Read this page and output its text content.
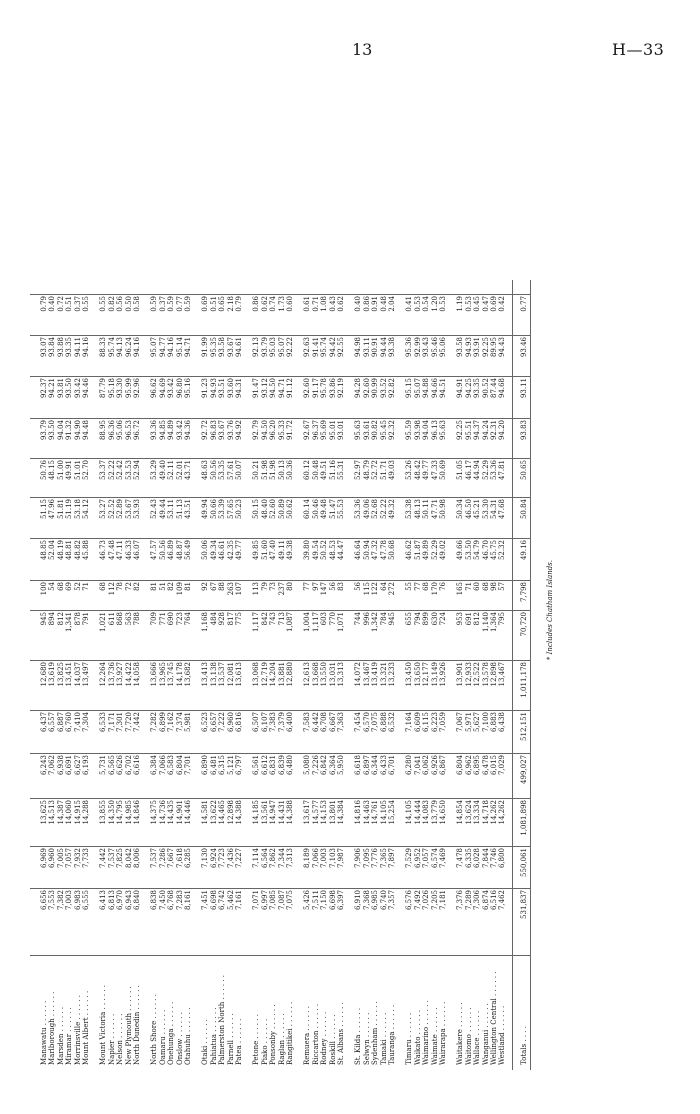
13	H—33
Manawatu . . . . . .
6,656
6,969
13,625
6,243
6,437
12,680
945
100
48.85
51.15
50.76
93.79
92.37
93.07
0.79
Marlborough . . . . . .
7,553
6,960
14,513
7,062
6,557
13,619
894
54
52.04
47.96
48.15
93.50
94.21
93.84
0.40
Marsden . . . . . .
7,382
7,005
14,387
6,938
6,887
13,825
812
68
48.19
51.81
51.00
94.04
93.81
93.88
0.72
Miramar . . . . . .
7,003
7,057
14,060
6,691
6,760
13,451
1,341
69
48.81
51.19
49.91
91.32
93.50
93.35
0.51
Morrinsville . . . . . .
6,983
7,932
14,915
6,627
7,410
14,037
878
52
48.82
53.18
51.01
94.90
93.42
94.11
0.37
Mount Albert . . . . . .
6,555
7,733
14,288
6,193
7,304
13,497
791
71
45.88
54.12
52.70
94.48
94.46
94.16
0.55
Mount Victoria . . . . . .
6,413
7,442
13,855
5,731
6,533
12,264
1,021
68
46.73
53.27
53.37
88.95
87.79
88.33
0.55
Napier . . . . . .
6,813
7,537
14,350
6,565
7,171
13,736
611
112
47.48
52.52
52.22
96.36
95.18
95.74
0.82
Nelson . . . . . .
6,970
7,825
14,795
6,626
7,301
13,927
868
78
47.11
52.89
52.42
95.06
93.30
94.13
0.56
New Plymouth . . . . . .
6,943
8,042
14,985
6,702
7,720
14,422
563
72
46.33
53.67
53.53
96.53
95.99
96.24
0.50
North Dunedin . . . . . .
6,840
8,006
14,846
6,616
7,442
14,058
788
82
46.07
53.93
52.94
96.72
92.96
94.16
0.58
North Shore . . . . . .
6,838
7,537
14,375
6,384
7,282
13,666
709
81
47.57
52.43
53.29
93.36
96.62
95.07
0.59
Oamaru . . . . . .
7,450
7,286
14,736
7,066
6,899
13,965
771
51
50.56
49.44
49.40
94.85
94.69
94.77
0.37
Onehunga . . . . . .
6,768
7,667
14,435
6,583
7,162
13,745
690
82
46.89
53.11
52.11
94.89
93.42
94.16
0.59
Onslow . . . . . .
7,283
7,618
14,901
6,804
7,374
14,178
723
109
48.87
51.13
52.01
93.42
96.80
95.14
0.77
Otahuhu . . . . . .
8,161
6,285
14,446
7,701
5,981
13,682
764
81
56.49
43.51
43.71
94.36
95.16
94.71
0.59
Otaki . . . . . .
7,451
7,130
14,581
6,890
6,523
13,413
1,168
92
50.06
49.94
48.63
92.72
91.23
91.99
0.69
Pahiatua . . . . . .
6,698
6,924
13,622
6,481
6,657
13,138
484
67
49.34
50.66
50.56
96.83
94.93
95.35
0.51
Palmerston North . . . . . .
6,742
7,723
14,465
6,315
7,222
13,537
928
88
46.61
53.39
53.35
93.67
93.51
93.58
0.65
Parnell . . . . . .
5,462
7,436
12,898
5,121
6,960
12,081
817
263
42.35
57.65
57.61
93.76
93.60
93.67
2.18
Patea . . . . . .
7,161
7,227
14,388
6,797
6,816
13,613
775
107
49.77
50.23
50.07
94.92
94.31
94.61
0.79
Petone . . . . . .
7,071
7,114
14,185
6,561
6,507
13,068
1,117
113
49.85
50.15
50.21
92.79
91.47
92.13
0.86
Piako . . . . . .
6,997
6,564
13,561
6,612
6,107
12,719
842
79
51.60
48.40
51.98
94.50
93.12
93.79
0.62
Ponsonby . . . . . .
7,085
7,862
14,947
6,831
7,383
14,204
743
73
47.40
52.60
51.98
96.20
94.50
95.03
0.74
Raglan . . . . . .
7,087
7,344
14,431
6,839
7,379
13,881
713
237
49.11
50.89
50.13
95.33
94.71
95.07
1.73
Rangitikei . . . . . .
7,075
7,313
14,388
6,480
6,400
12,880
1,087
80
49.38
50.62
50.36
91.72
91.12
92.22
0.60
Remuera . . . . . .
5,426
8,189
13,617
5,080
7,583
12,613
1,004
77
39.80
60.14
60.12
92.67
92.60
92.63
0.61
Riccarton . . . . . .
7,511
7,066
14,577
7,226
6,442
13,668
1,117
97
49.54
50.46
50.48
96.37
91.17
91.41
0.71
Rodney . . . . . .
7,150
7,003
14,153
6,842
6,708
13,550
603
147
50.52
49.48
49.51
95.69
95.78
95.74
1.08
Roskill . . . . . .
6,698
7,103
13,801
6,364
6,667
13,031
770
56
48.53
51.47
51.16
95.01
93.86
94.42
0.43
St. Albans . . . . . .
6,397
7,987
14,384
5,950
7,363
13,313
1,071
83
44.47
55.53
55.31
93.01
92.19
92.55
0.62
St. Kilda . . . . . .
6,910
7,906
14,816
6,618
7,454
14,072
744
56
46.64
53.36
52.97
95.63
94.28
94.98
0.40
Selwyn . . . . . .
7,368
7,095
14,463
6,897
6,570
13,467
996
115
50.94
49.06
48.79
93.61
92.60
93.11
0.86
Sydenham . . . . . .
6,985
7,776
14,761
6,344
7,075
13,419
1,342
122
47.32
52.68
52.72
90.82
90.99
90.91
0.91
Tamaki . . . . . .
6,740
7,365
14,105
6,433
6,888
13,321
784
64
47.78
52.22
51.71
95.45
93.52
94.44
0.48
Tauranga . . . . . .
7,357
7,897
15,254
6,701
6,532
13,233
945
272
50.68
49.32
49.03
92.32
92.82
93.38
2.04
Timaru . . . . . .
6,576
7,529
14,105
6,280
7,164
13,450
655
55
46.62
53.38
53.26
95.59
95.15
95.36
0.41
Waikato . . . . . .
7,492
6,952
14,444
7,041
6,609
13,650
794
77
51.87
48.13
48.42
93.98
95.07
92.99
0.53
Waimarino . . . . . .
7,026
7,057
14,083
6,062
6,115
12,177
899
68
49.89
50.11
49.77
94.04
94.88
93.43
0.54
Waimate . . . . . .
7,205
6,574
13,779
6,926
6,223
13,149
630
170
52.29
47.71
47.33
96.13
94.66
95.46
1.20
Wairarapa . . . . . .
7,181
7,469
14,650
6,867
7,059
13,926
724
76
49.02
50.98
50.69
95.63
94.51
95.06
0.53
Waitakere . . . . . .
7,376
7,478
14,854
6,804
7,067
13,901
953
165
49.66
50.34
51.05
92.25
94.91
93.58
1.19
Waitomo . . . . . .
7,289
6,335
13,624
6,962
5,971
12,933
691
71
53.50
46.50
46.17
95.51
94.25
94.93
0.53
Wallace . . . . . .
7,306
6,028
13,334
6,895
5,627
12,522
812
60
54.79
45.21
44.94
94.37
93.35
93.91
0.45
Wanganui . . . . . .
6,874
7,844
14,718
6,478
7,100
13,578
1,140
68
46.70
53.30
52.29
94.24
90.52
92.25
0.47
Wellington Central . . . . . .
6,516
7,746
14,262
6,015
6,883
12,898
1,364
98
45.75
54.31
53.36
92.31
87.44
89.95
0.69
Westland . . . . . .
7,462
6,800
14,262
7,029
6,438
13,467
795
57
52.32
47.68
47.81
94.20
94.68
94.43
0.42
Totals . . . .
531,837
550,061
1,081,898
499,027
512,151
1,011,178
70,720
7,798
49.16
50.84
50.65
93.83
93.11
93.46
0.77
* Includes Chatham Islands.
